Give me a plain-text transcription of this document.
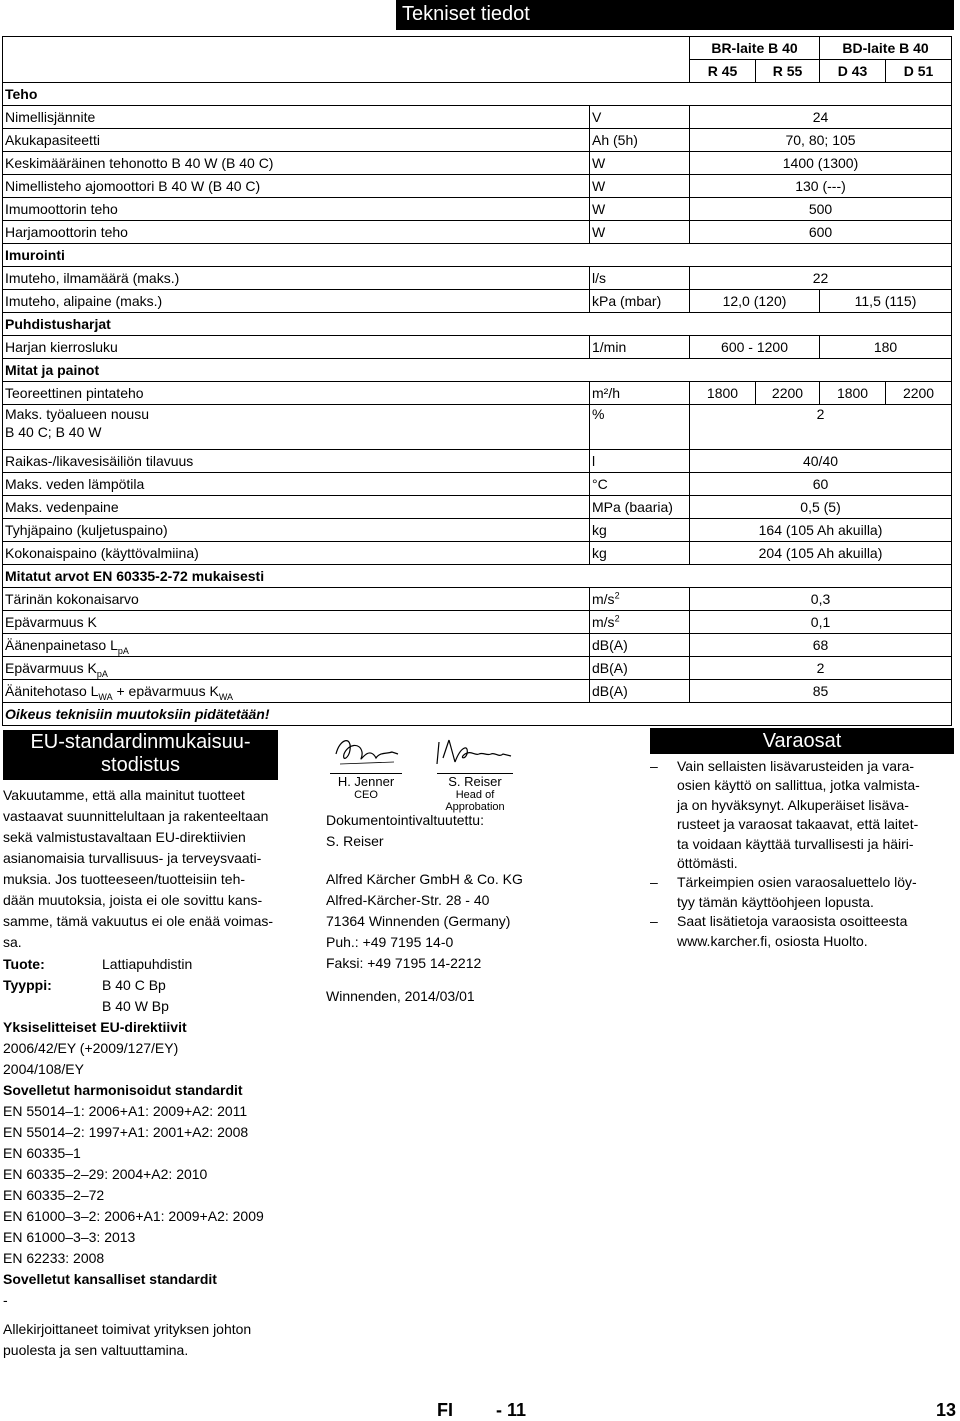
Tekniset tiedot
		BR-laite B 40		BD-laite B 40	
		R 45	R 55	D 43	D 51
Teho					
Nimellisjännite	V	24			
Akukapasiteetti	Ah (5h)	70, 80; 105			
Keskimääräinen tehonotto B 40 W (B 40 C)	W	1400 (1300)			
Nimellisteho ajomoottori B 40 W (B 40 C)	W	130 (---)			
Imumoottorin teho	W	500			
Harjamoottorin teho	W	600			
Imurointi					
Imuteho, ilmamäärä (maks.)	l/s	22			
Imuteho, alipaine (maks.)	kPa (mbar)	12,0 (120)		11,5 (115)	
Puhdistusharjat					
Harjan kierrosluku	1/min	600 - 1200		180	
Mitat ja painot					
Teoreettinen pintateho	m²/h	1800	2200	1800	2200
Maks. työalueen nousu
B 40 C; B 40 W	%	2			
Raikas-/likavesisäiliön tilavuus	l	40/40			
Maks. veden lämpötila	°C	60			
Maks. vedenpaine	MPa (baaria)	0,5 (5)			
Tyhjäpaino (kuljetuspaino)	kg	164 (105 Ah akuilla)			
Kokonaispaino (käyttövalmiina)	kg	204 (105 Ah akuilla)			
Mitatut arvot EN 60335-2-72 mukaisesti					
Tärinän kokonaisarvo	$m/s^2$	0,3			
Epävarmuus K	$m/s^2$	0,1			
Äänenpainetaso $L_{pA}$	dB(A)	68			
Epävarmuus $K_{pA}$	dB(A)	2			
Äänitehotaso $L_{WA}$ + epävarmuus $K_{WA}$	dB(A)	85			
Oikeus teknisiin muutoksiin pidätetään!					
EU-standardinmukaisuu-
stodistus
Vakuutamme, että alla mainitut tuotteet
vastaavat suunnittelultaan ja rakenteeltaan
sekä valmistustavaltaan EU-direktiivien
asianomaisia turvallisuus- ja terveysvaati-
muksia. Jos tuotteeseen/tuotteisiin teh-
dään muutoksia, joista ei ole sovittu kans-
samme, tämä vakuutus ei ole enää voimas-
sa.
Tuote:	Lattiapuhdistin
Tyyppi:	B 40 C Bp
B 40 W Bp
Yksiselitteiset EU-direktiivit
2006/42/EY (+2009/127/EY)
2004/108/EY
Sovelletut harmonisoidut standardit
EN 55014–1: 2006+A1: 2009+A2: 2011
EN 55014–2: 1997+A1: 2001+A2: 2008
EN 60335–1
EN 60335–2–29: 2004+A2: 2010
EN 60335–2–72
EN 61000–3–2: 2006+A1: 2009+A2: 2009
EN 61000–3–3: 2013
EN 62233: 2008
Sovelletut kansalliset standardit
-
Allekirjoittaneet toimivat yrityksen johton
puolesta ja sen valtuuttamina.
H. Jenner
CEO
S. Reiser
Head of Approbation
Dokumentointivaltuutettu:
S. Reiser
Alfred Kärcher GmbH & Co. KG
Alfred-Kärcher-Str. 28 - 40
71364 Winnenden (Germany)
Puh.: +49 7195 14-0
Faksi: +49 7195 14-2212
Winnenden, 2014/03/01
Varaosat
– Vain sellaisten lisävarusteiden ja vara-
osien käyttö on sallittua, jotka valmista-
ja on hyväksynyt. Alkuperäiset lisäva-
rusteet ja varaosat takaavat, että laitet-
ta voidaan käyttää turvallisesti ja häiri-
öttömästi.
– Tärkeimpien osien varaosaluettelo löy-
tyy tämän käyttöohjeen lopusta.
– Saat lisätietoja varaosista osoitteesta
www.karcher.fi, osiosta Huolto.
FI - 11	13
